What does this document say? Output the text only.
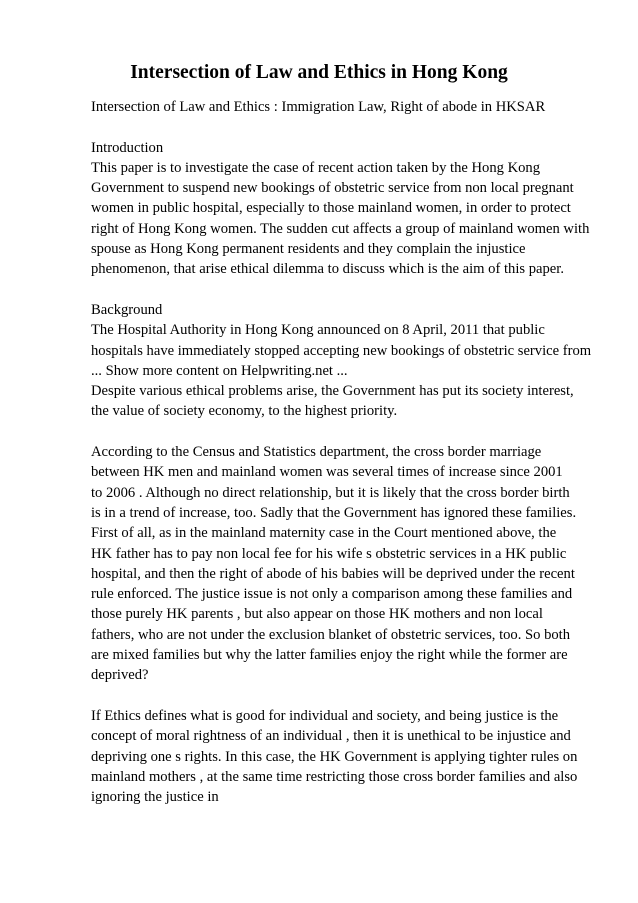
Intersection of Law and Ethics in Hong Kong
Intersection of Law and Ethics : Immigration Law, Right of abode in HKSAR
Introduction
This paper is to investigate the case of recent action taken by the Hong Kong
Government to suspend new bookings of obstetric service from non local pregnant
women in public hospital, especially to those mainland women, in order to protect
right of Hong Kong women. The sudden cut affects a group of mainland women with
spouse as Hong Kong permanent residents and they complain the injustice
phenomenon, that arise ethical dilemma to discuss which is the aim of this paper.
Background
The Hospital Authority in Hong Kong announced on 8 April, 2011 that public
hospitals have immediately stopped accepting new bookings of obstetric service from
... Show more content on Helpwriting.net ...
Despite various ethical problems arise, the Government has put its society interest,
the value of society economy, to the highest priority.
According to the Census and Statistics department, the cross border marriage
between HK men and mainland women was several times of increase since 2001
to 2006 . Although no direct relationship, but it is likely that the cross border birth
is in a trend of increase, too. Sadly that the Government has ignored these families.
First of all, as in the mainland maternity case in the Court mentioned above, the
HK father has to pay non local fee for his wife s obstetric services in a HK public
hospital, and then the right of abode of his babies will be deprived under the recent
rule enforced. The justice issue is not only a comparison among these families and
those purely HK parents , but also appear on those HK mothers and non local
fathers, who are not under the exclusion blanket of obstetric services, too. So both
are mixed families but why the latter families enjoy the right while the former are
deprived?
If Ethics defines what is good for individual and society, and being justice is the
concept of moral rightness of an individual , then it is unethical to be injustice and
depriving one s rights. In this case, the HK Government is applying tighter rules on
mainland mothers , at the same time restricting those cross border families and also
ignoring the justice in
